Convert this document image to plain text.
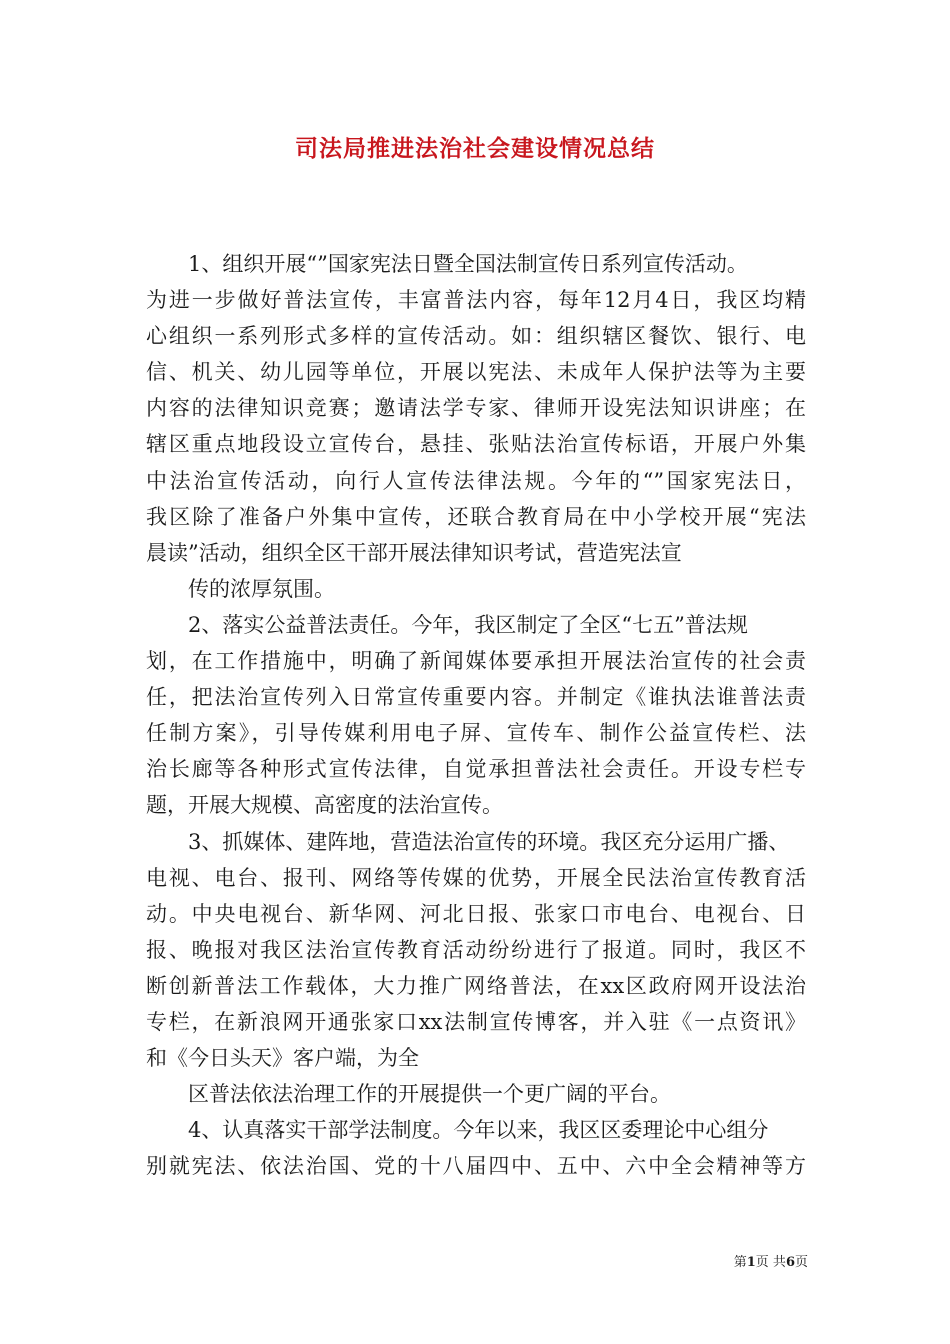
司法局推进法治社会建设情况总结
1、组织开展“”国家宪法日暨全国法制宣传日系列宣传活动。
为进一步做好普法宣传，丰富普法内容，每年12月4日，我区均精
心组织一系列形式多样的宣传活动。如：组织辖区餐饮、银行、电
信、机关、幼儿园等单位，开展以宪法、未成年人保护法等为主要
内容的法律知识竞赛；邀请法学专家、律师开设宪法知识讲座；在
辖区重点地段设立宣传台，悬挂、张贴法治宣传标语，开展户外集
中法治宣传活动，向行人宣传法律法规。今年的“”国家宪法日，
我区除了准备户外集中宣传，还联合教育局在中小学校开展“宪法
晨读”活动，组织全区干部开展法律知识考试，营造宪法宣
传的浓厚氛围。
2、落实公益普法责任。今年，我区制定了全区“七五”普法规
划，在工作措施中，明确了新闻媒体要承担开展法治宣传的社会责
任，把法治宣传列入日常宣传重要内容。并制定《谁执法谁普法责
任制方案》，引导传媒利用电子屏、宣传车、制作公益宣传栏、法
治长廊等各种形式宣传法律，自觉承担普法社会责任。开设专栏专
题，开展大规模、高密度的法治宣传。
3、抓媒体、建阵地，营造法治宣传的环境。我区充分运用广播、
电视、电台、报刊、网络等传媒的优势，开展全民法治宣传教育活
动。中央电视台、新华网、河北日报、张家口市电台、电视台、日
报、晚报对我区法治宣传教育活动纷纷进行了报道。同时，我区不
断创新普法工作载体，大力推广网络普法，在xx区政府网开设法治
专栏，在新浪网开通张家口xx法制宣传博客，并入驻《一点资讯》
和《今日头天》客户端，为全
区普法依法治理工作的开展提供一个更广阔的平台。
4、认真落实干部学法制度。今年以来，我区区委理论中心组分
别就宪法、依法治国、党的十八届四中、五中、六中全会精神等方
第1页 共6页
